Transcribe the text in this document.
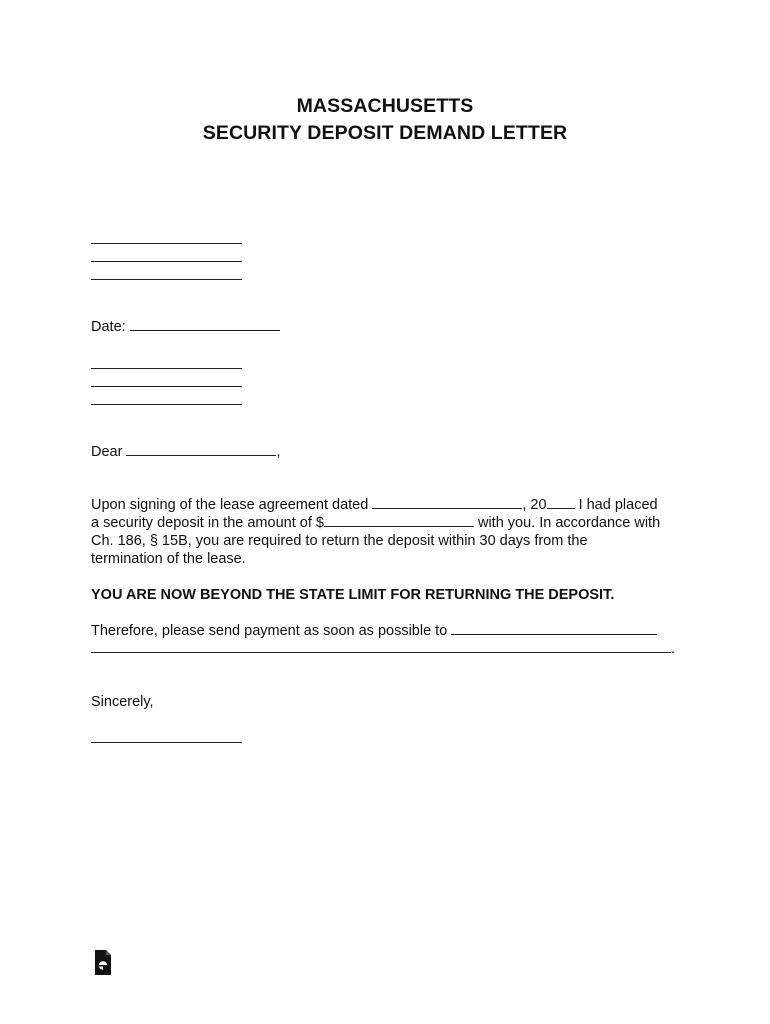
MASSACHUSETTS
SECURITY DEPOSIT DEMAND LETTER
Date:
Dear	,
Upon signing of the lease agreement dated	, 20 I had placed
a security deposit in the amount of $	with you. In accordance with
Ch. 186, § 15B, you are required to return the deposit within 30 days from the
termination of the lease.
YOU ARE NOW BEYOND THE STATE LIMIT FOR RETURNING THE DEPOSIT.
Therefore, please send payment as soon as possible to
.
Sincerely,
